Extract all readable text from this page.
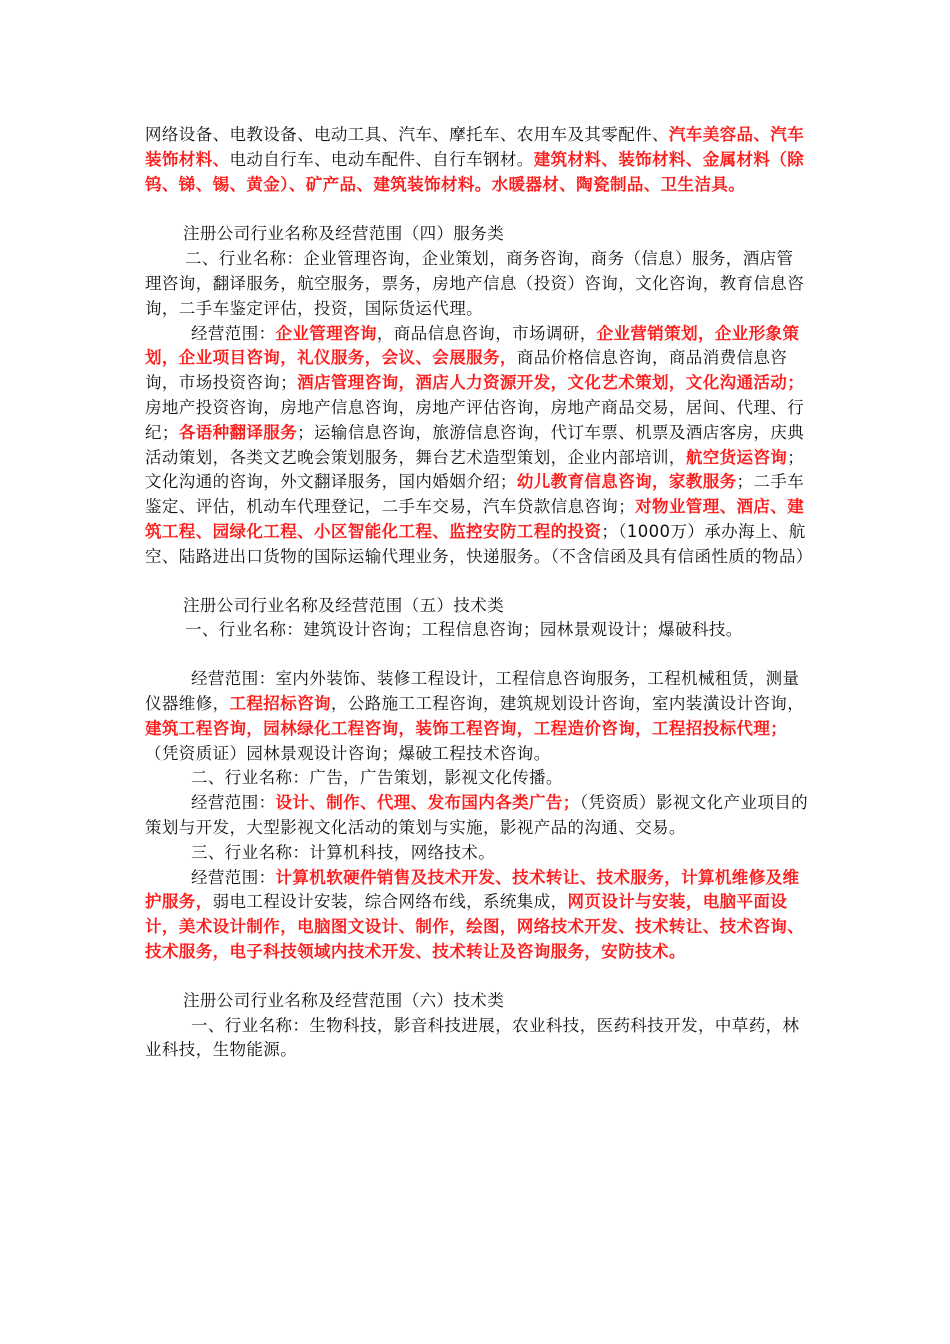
网络设备、电教设备、电动工具、汽车、摩托车、农用车及其零配件、汽车美容品、汽车装饰材料、电动自行车、电动车配件、自行车钢材。建筑材料、装饰材料、金属材料（除钨、锑、锡、黄金）、矿产品、建筑装饰材料。水暖器材、陶瓷制品、卫生洁具。

注册公司行业名称及经营范围（四）服务类

二、行业名称：企业管理咨询，企业策划，商务咨询，商务（信息）服务，酒店管理咨询，翻译服务，航空服务，票务，房地产信息（投资）咨询，文化咨询，教育信息咨询，二手车鉴定评估，投资，国际货运代理。

经营范围：企业管理咨询，商品信息咨询，市场调研，企业营销策划，企业形象策划，企业项目咨询，礼仪服务，会议、会展服务，商品价格信息咨询，商品消费信息咨询，市场投资咨询；酒店管理咨询，酒店人力资源开发，文化艺术策划，文化沟通活动；房地产投资咨询，房地产信息咨询，房地产评估咨询，房地产商品交易，居间、代理、行纪；各语种翻译服务；运输信息咨询，旅游信息咨询，代订车票、机票及酒店客房，庆典活动策划，各类文艺晚会策划服务，舞台艺术造型策划，企业内部培训，航空货运咨询；文化沟通的咨询，外文翻译服务，国内婚姻介绍；幼儿教育信息咨询，家教服务；二手车鉴定、评估，机动车代理登记，二手车交易，汽车贷款信息咨询；对物业管理、酒店、建筑工程、园绿化工程、小区智能化工程、监控安防工程的投资；（1000万）承办海上、航空、陆路进出口货物的国际运输代理业务，快递服务。（不含信函及具有信函性质的物品）

注册公司行业名称及经营范围（五）技术类

一、行业名称：建筑设计咨询；工程信息咨询；园林景观设计；爆破科技。

经营范围：室内外装饰、装修工程设计，工程信息咨询服务，工程机械租赁，测量仪器维修，工程招标咨询，公路施工工程咨询，建筑规划设计咨询，室内装潢设计咨询，建筑工程咨询，园林绿化工程咨询，装饰工程咨询，工程造价咨询，工程招投标代理；（凭资质证）园林景观设计咨询；爆破工程技术咨询。

二、行业名称：广告，广告策划，影视文化传播。

经营范围：设计、制作、代理、发布国内各类广告；（凭资质）影视文化产业项目的策划与开发，大型影视文化活动的策划与实施，影视产品的沟通、交易。

三、行业名称：计算机科技，网络技术。

经营范围：计算机软硬件销售及技术开发、技术转让、技术服务，计算机维修及维护服务，弱电工程设计安装，综合网络布线，系统集成，网页设计与安装，电脑平面设计，美术设计制作，电脑图文设计、制作，绘图，网络技术开发、技术转让、技术咨询、技术服务，电子科技领域内技术开发、技术转让及咨询服务，安防技术。

注册公司行业名称及经营范围（六）技术类

一、行业名称：生物科技，影音科技进展，农业科技，医药科技开发，中草药，林业科技，生物能源。
